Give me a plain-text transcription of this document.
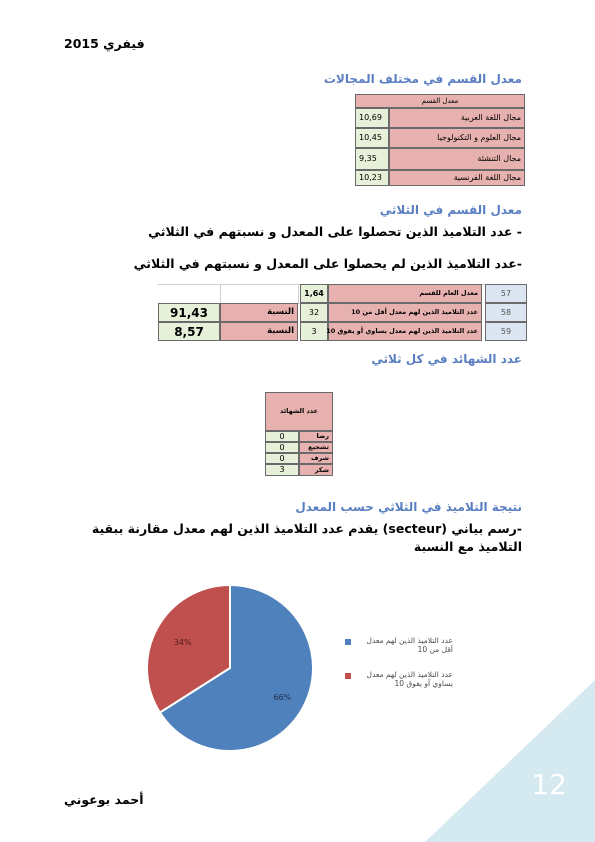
12
فيفري 2015
معدل القسم في مختلف المجالات
معدل القسم
10,69	مجال اللغة العربية
10,45	مجال العلوم و التكنولوجيا
9,35	مجال التنشئة
10,23	مجال اللغة الفرنسية
معدل القسم في الثلاثي
- عدد التلاميذ الذين تحصلوا على المعدل و نسبتهم في الثلاثي
-عدد التلاميذ الذين لم يحصلوا على المعدل و نسبتهم في الثلاثي
1,64	معدل العام للقسم	57
91,43	النسبة	32	عدد التلاميذ الذين لهم معدل أقل من 10	58
8,57	النسبة	3	عدد التلاميذ الذين لهم معدل يساوي أو يفوق 10	59
عدد الشهائد في كل ثلاثي
عدد الشهائد
0	رضا
0	تشجيع
0	شرف
3	شكر
نتيجة التلاميذ في الثلاثي حسب المعدل
-رسم بياني (secteur) يقدم عدد التلاميذ الذين لهم معدل مقارنة ببقية التلاميذ مع النسبة
66%
34%	عدد التلاميذ الذين لهم معدل أقل من 10
عدد التلاميذ الذين لهم معدل يساوي أو يفوق 10
أحمد بوعوني
